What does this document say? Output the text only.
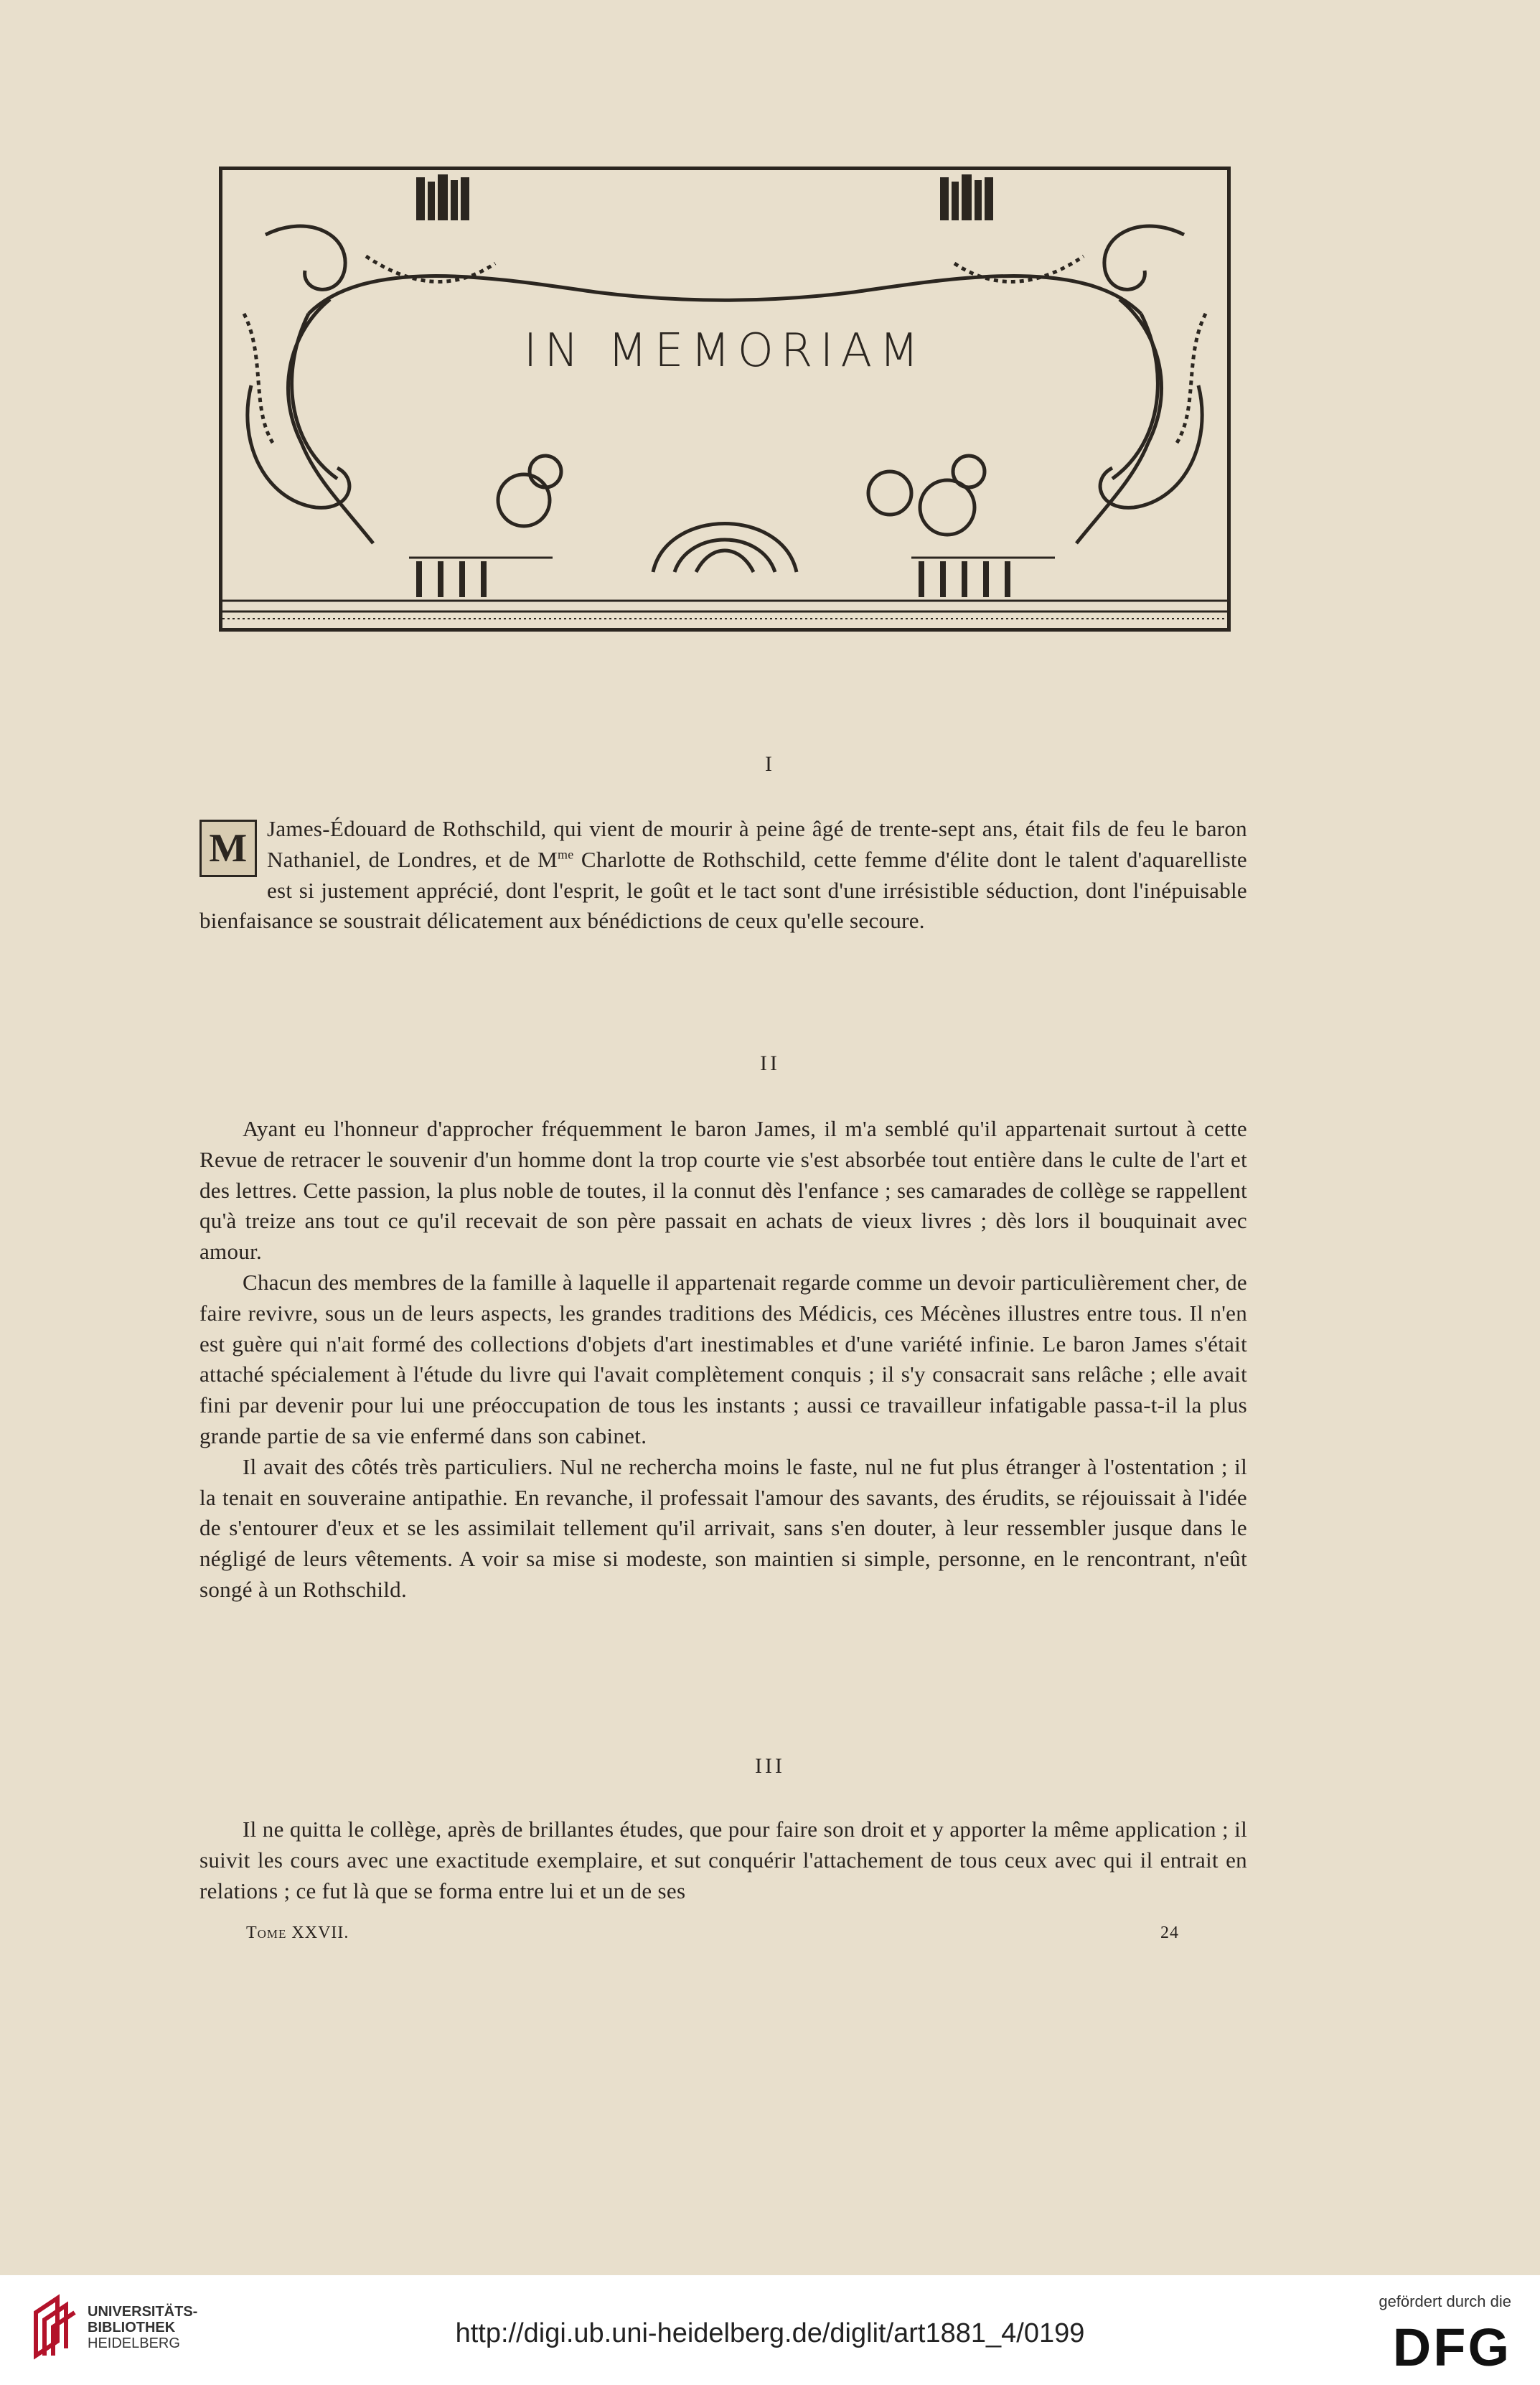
IN MEMORIAM
I

M James-Édouard de Rothschild, qui vient de mourir à peine âgé de trente-sept ans, était fils de feu le baron Nathaniel, de Londres, et de $M^{me}$ Charlotte de Rothschild, cette femme d'élite dont le talent d'aquarelliste est si justement apprécié, dont l'esprit, le goût et le tact sont d'une irrésistible séduction, dont l'inépuisable bienfaisance se soustrait délicatement aux bénédictions de ceux qu'elle secoure.

II

Ayant eu l'honneur d'approcher fréquemment le baron James, il m'a semblé qu'il appartenait surtout à cette Revue de retracer le souvenir d'un homme dont la trop courte vie s'est absorbée tout entière dans le culte de l'art et des lettres. Cette passion, la plus noble de toutes, il la connut dès l'enfance ; ses camarades de collège se rappellent qu'à treize ans tout ce qu'il recevait de son père passait en achats de vieux livres ; dès lors il bouquinait avec amour.

Chacun des membres de la famille à laquelle il appartenait regarde comme un devoir particulièrement cher, de faire revivre, sous un de leurs aspects, les grandes traditions des Médicis, ces Mécènes illustres entre tous. Il n'en est guère qui n'ait formé des collections d'objets d'art inestimables et d'une variété infinie. Le baron James s'était attaché spécialement à l'étude du livre qui l'avait complètement conquis ; il s'y consacrait sans relâche ; elle avait fini par devenir pour lui une préoccupation de tous les instants ; aussi ce travailleur infatigable passa-t-il la plus grande partie de sa vie enfermé dans son cabinet.

Il avait des côtés très particuliers. Nul ne rechercha moins le faste, nul ne fut plus étranger à l'ostentation ; il la tenait en souveraine antipathie. En revanche, il professait l'amour des savants, des érudits, se réjouissait à l'idée de s'entourer d'eux et se les assimilait tellement qu'il arrivait, sans s'en douter, à leur ressembler jusque dans le négligé de leurs vêtements. A voir sa mise si modeste, son maintien si simple, personne, en le rencontrant, n'eût songé à un Rothschild.

III

Il ne quitta le collège, après de brillantes études, que pour faire son droit et y apporter la même application ; il suivit les cours avec une exactitude exemplaire, et sut conquérir l'attachement de tous ceux avec qui il entrait en relations ; ce fut là que se forma entre lui et un de ses

Tome XXVII.	24
UNIVERSITÄTS-
BIBLIOTHEK
HEIDELBERG	http://digi.ub.uni-heidelberg.de/diglit/art1881_4/0199
gefördert durch die
DFG
